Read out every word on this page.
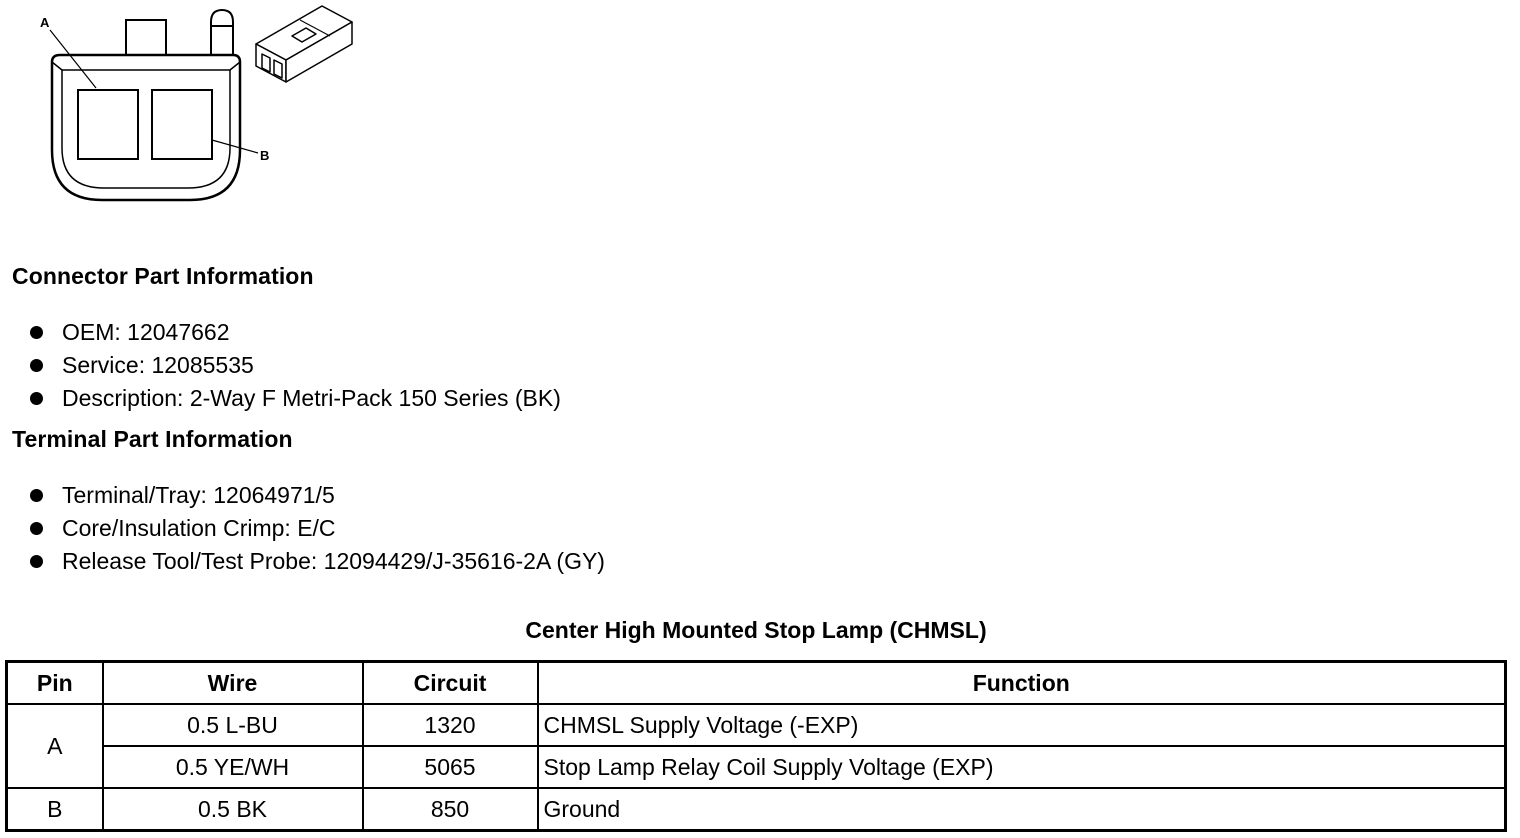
A
B
Connector Part Information
OEM: 12047662
Service: 12085535
Description: 2-Way F Metri-Pack 150 Series (BK)
Terminal Part Information
Terminal/Tray: 12064971/5
Core/Insulation Crimp: E/C
Release Tool/Test Probe: 12094429/J-35616-2A (GY)
Center High Mounted Stop Lamp (CHMSL)
Pin	Wire	Circuit	Function
A	0.5 L-BU	1320	CHMSL Supply Voltage (-EXP)
	0.5 YE/WH	5065	Stop Lamp Relay Coil Supply Voltage (EXP)
B	0.5 BK	850	Ground
